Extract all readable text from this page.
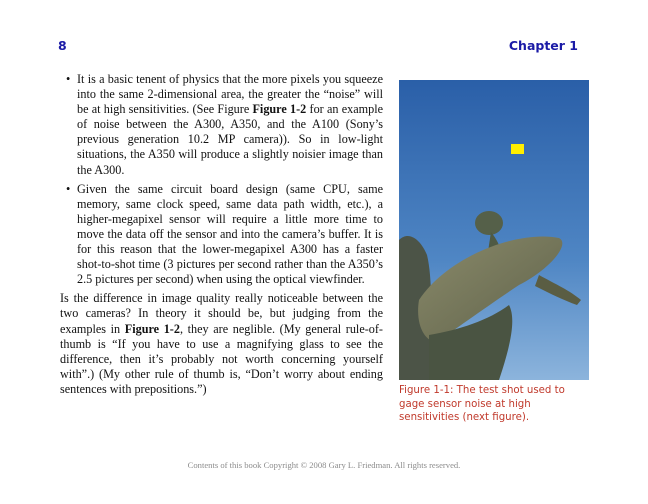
8	Chapter 1
• It is a basic tenent of physics that the more pixels you squeeze into the same 2-dimensional area, the greater the “noise” will be at high sensitivities. (See Figure Figure 1-2 for an example of noise between the A300, A350, and the A100 (Sony’s previous generation 10.2 MP camera)). So in low-light situations, the A350 will produce a slightly noisier image than the A300.
• Given the same circuit board design (same CPU, same memory, same clock speed, same data path width, etc.), a higher-megapixel sensor will require a little more time to move the data off the sensor and into the camera’s buffer. It is for this reason that the lower-megapixel A300 has a faster shot-to-shot time (3 pictures per second rather than the A350’s 2.5 pictures per second) when using the optical viewfinder.

Is the difference in image quality really noticeable between the two cameras? In theory it should be, but judging from the examples in Figure 1-2, they are neglible. (My general rule-of-thumb is “If you have to use a magnifying glass to see the difference, then it’s probably not worth concerning yourself with”.) (My other rule of thumb is, “Don’t worry about ending sentences with prepositions.”)	Figure 1-1: The test shot used to gage sensor noise at high sensitivities (next figure).
Contents of this book Copyright © 2008 Gary L. Friedman. All rights reserved.
